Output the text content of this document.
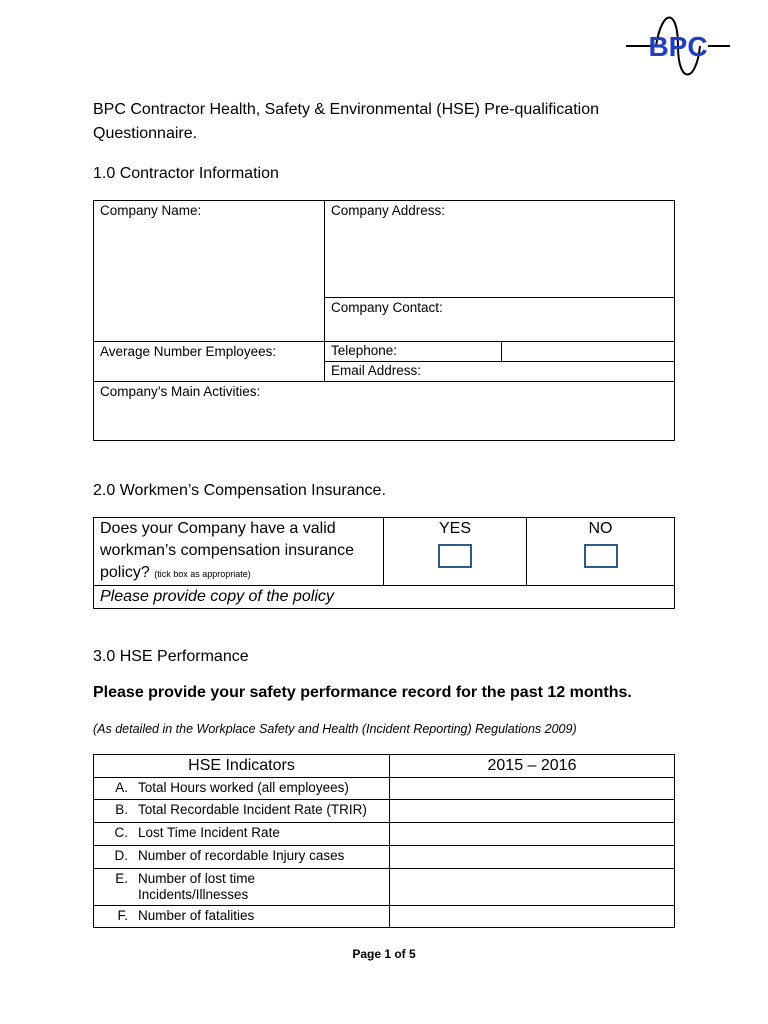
BPC
BPC Contractor Health, Safety & Environmental (HSE) Pre-qualification Questionnaire.
1.0 Contractor Information
Company Name:	Company Address:	
	Company Contact:	
Average Number Employees:	Telephone:	
	Email Address:	
Company’s Main Activities:		
2.0 Workmen’s Compensation Insurance.
Does your Company have a valid workman’s compensation insurance policy? (tick box as appropriate)	
YES	NO

Please provide copy of the policy
3.0 HSE Performance
Please provide your safety performance record for the past 12 months.
(As detailed in the Workplace Safety and Health (Incident Reporting) Regulations 2009)
HSE Indicators	2015 – 2016
A. Total Hours worked (all employees)	
B. Total Recordable Incident Rate (TRIR)	
C. Lost Time Incident Rate	
D. Number of recordable Injury cases	
E. Number of lost time Incidents/Illnesses	
F. Number of fatalities	
Page 1 of 5
